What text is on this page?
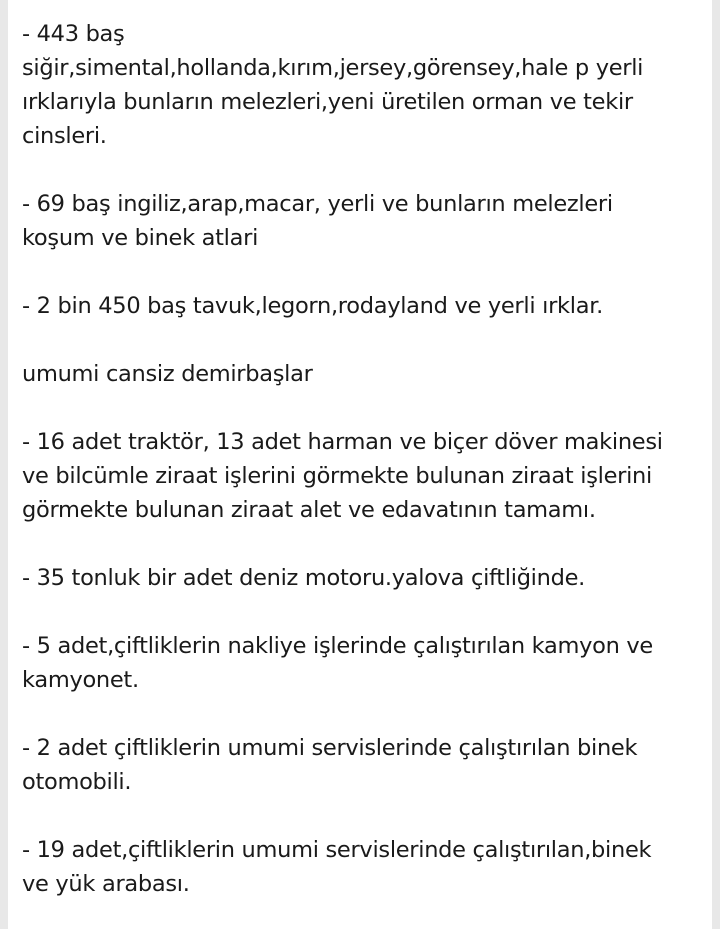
- 443 baş
siğir,simental,hollanda,kırım,jersey,görensey,hale p yerli
ırklarıyla bunların melezleri,yeni üretilen orman ve tekir
cinsleri.

- 69 baş ingiliz,arap,macar, yerli ve bunların melezleri
koşum ve binek atlari

- 2 bin 450 baş tavuk,legorn,rodayland ve yerli ırklar.

umumi cansiz demirbaşlar

- 16 adet traktör, 13 adet harman ve biçer döver makinesi
ve bilcümle ziraat işlerini görmekte bulunan ziraat işlerini
görmekte bulunan ziraat alet ve edavatının tamamı.

- 35 tonluk bir adet deniz motoru.yalova çiftliğinde.

- 5 adet,çiftliklerin nakliye işlerinde çalıştırılan kamyon ve
kamyonet.

- 2 adet çiftliklerin umumi servislerinde çalıştırılan binek
otomobili.

- 19 adet,çiftliklerin umumi servislerinde çalıştırılan,binek
ve yük arabası.
